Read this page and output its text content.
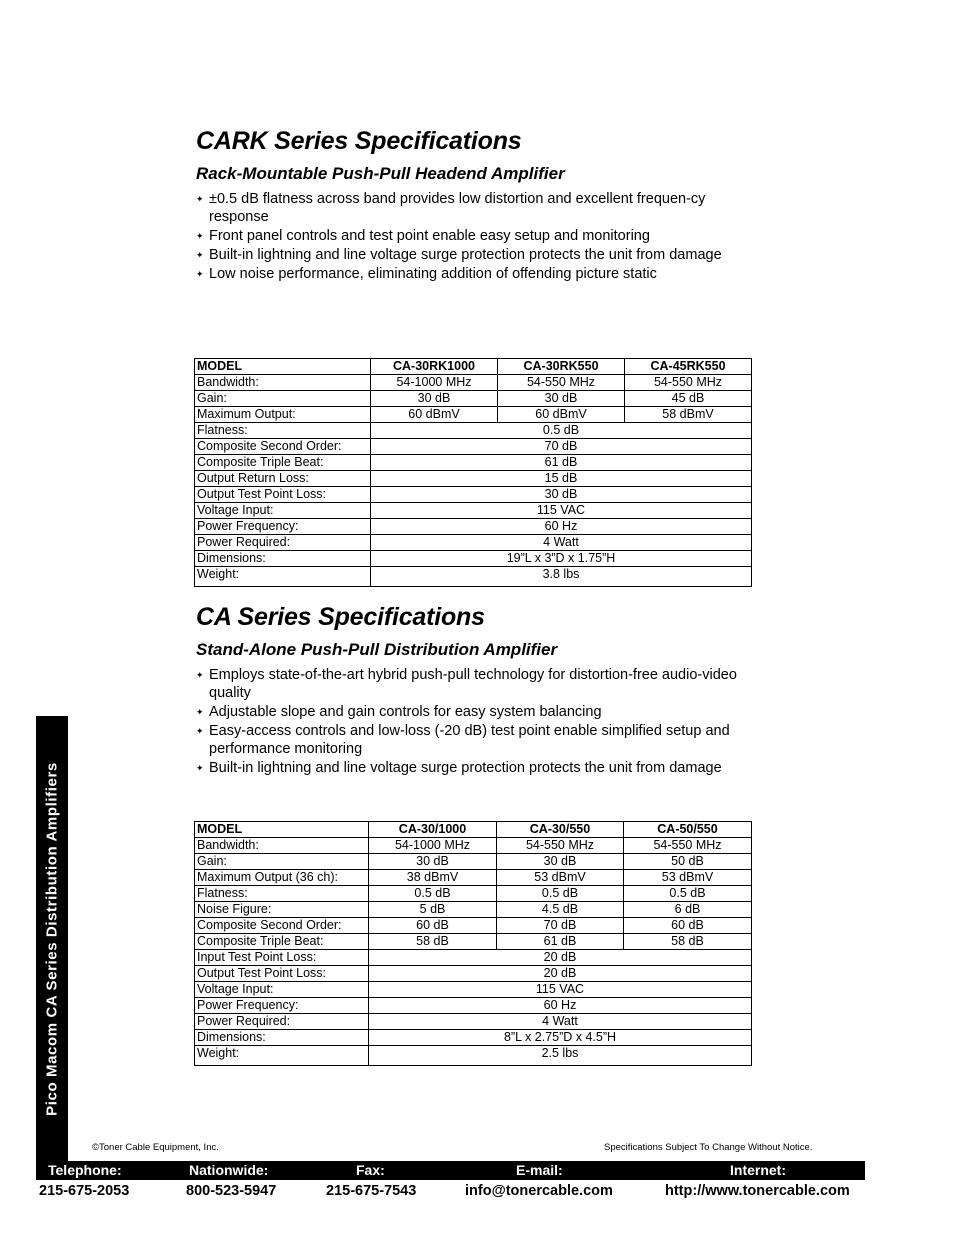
CARK Series Specifications
Rack-Mountable Push-Pull Headend Amplifier
✦ ±0.5 dB flatness across band provides low distortion and excellent frequen-cy response
✦ Front panel controls and test point enable easy setup and monitoring
✦ Built-in lightning and line voltage surge protection protects the unit from damage
✦ Low noise performance, eliminating addition of offending picture static
MODEL	CA-30RK1000	CA-30RK550	CA-45RK550
Bandwidth:	54-1000 MHz	54-550 MHz	54-550 MHz
Gain:	30 dB	30 dB	45 dB
Maximum Output:	60 dBmV	60 dBmV	58 dBmV
Flatness:	0.5 dB		
Composite Second Order:	70 dB		
Composite Triple Beat:	61 dB		
Output Return Loss:	15 dB		
Output Test Point Loss:	30 dB		
Voltage Input:	115 VAC		
Power Frequency:	60 Hz		
Power Required:	4 Watt		
Dimensions:	19”L x 3”D x 1.75”H		
Weight:	3.8 lbs		
CA Series Specifications
Stand-Alone Push-Pull Distribution Amplifier
✦ Employs state-of-the-art hybrid push-pull technology for distortion-free audio-video quality
✦ Adjustable slope and gain controls for easy system balancing
✦ Easy-access controls and low-loss (-20 dB) test point enable simplified setup and performance monitoring
✦ Built-in lightning and line voltage surge protection protects the unit from damage
MODEL	CA-30/1000	CA-30/550	CA-50/550
Bandwidth:	54-1000 MHz	54-550 MHz	54-550 MHz
Gain:	30 dB	30 dB	50 dB
Maximum Output (36 ch):	38 dBmV	53 dBmV	53 dBmV
Flatness:	0.5 dB	0.5 dB	0.5 dB
Noise Figure:	5 dB	4.5 dB	6 dB
Composite Second Order:	60 dB	70 dB	60 dB
Composite Triple Beat:	58 dB	61 dB	58 dB
Input Test Point Loss:	20 dB		
Output Test Point Loss:	20 dB		
Voltage Input:	115 VAC		
Power Frequency:	60 Hz		
Power Required:	4 Watt		
Dimensions:	8”L x 2.75”D x 4.5”H		
Weight:	2.5 lbs		
Pico Macom CA Series Distribution Amplifiers
©Toner Cable Equipment, Inc.	Specifications Subject To Change Without Notice.
Telephone:	Nationwide:	Fax:	E-mail:	Internet:
215-675-2053	800-523-5947	215-675-7543	info@tonercable.com	http://www.tonercable.com
